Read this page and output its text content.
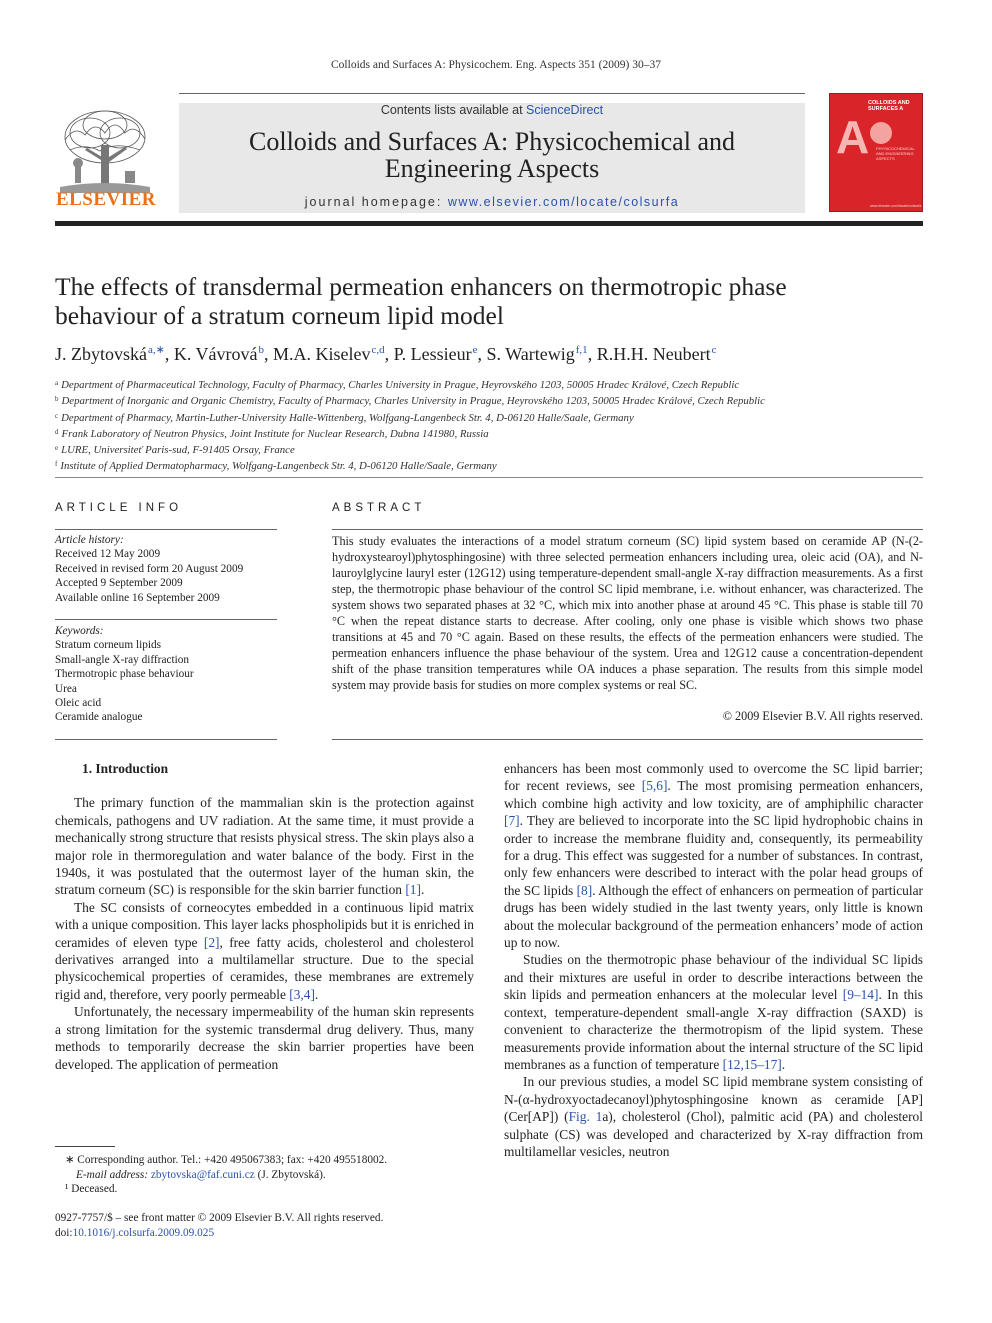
Colloids and Surfaces A: Physicochem. Eng. Aspects 351 (2009) 30–37
ELSEVIER
Contents lists available at ScienceDirect
Colloids and Surfaces A: Physicochemical and
Engineering Aspects
journal homepage: www.elsevier.com/locate/colsurfa
A
COLLOIDS AND SURFACES A
PHYSICOCHEMICAL AND ENGINEERING ASPECTS
www.elsevier.com/locate/colsurfa
The effects of transdermal permeation enhancers on thermotropic phase
behaviour of a stratum corneum lipid model
J. Zbytovská$^{a,∗}$, K. Vávrová$^b$, M.A. Kiselev$^{c,d}$, P. Lessieur$^e$, S. Wartewig$^{f,1}$, R.H.H. Neubert$^c$
$^a$ Department of Pharmaceutical Technology, Faculty of Pharmacy, Charles University in Prague, Heyrovského 1203, 50005 Hradec Králové, Czech Republic
$^b$ Department of Inorganic and Organic Chemistry, Faculty of Pharmacy, Charles University in Prague, Heyrovského 1203, 50005 Hradec Králové, Czech Republic
$^c$ Department of Pharmacy, Martin-Luther-University Halle-Wittenberg, Wolfgang-Langenbeck Str. 4, D-06120 Halle/Saale, Germany
$^d$ Frank Laboratory of Neutron Physics, Joint Institute for Nuclear Research, Dubna 141980, Russia
$^e$ LURE, Universiteť Paris-sud, F-91405 Orsay, France
$^f$ Institute of Applied Dermatopharmacy, Wolfgang-Langenbeck Str. 4, D-06120 Halle/Saale, Germany
ARTICLE INFO	ABSTRACT
Article history:
Received 12 May 2009
Received in revised form 20 August 2009
Accepted 9 September 2009
Available online 16 September 2009
Keywords:
Stratum corneum lipids
Small-angle X-ray diffraction
Thermotropic phase behaviour
Urea
Oleic acid
Ceramide analogue
This study evaluates the interactions of a model stratum corneum (SC) lipid system based on ceramide AP (N-(2-hydroxystearoyl)phytosphingosine) with three selected permeation enhancers including urea, oleic acid (OA), and N-lauroylglycine lauryl ester (12G12) using temperature-dependent small-angle X-ray diffraction measurements. As a first step, the thermotropic phase behaviour of the control SC lipid membrane, i.e. without enhancer, was characterized. The system shows two separated phases at 32 °C, which mix into another phase at around 45 °C. This phase is stable till 70 °C when the repeat distance starts to decrease. After cooling, only one phase is visible which shows two phase transitions at 45 and 70 °C again. Based on these results, the effects of the permeation enhancers were studied. The permeation enhancers influence the phase behaviour of the system. Urea and 12G12 cause a concentration-dependent shift of the phase transition temperatures while OA induces a phase separation. The results from this simple model system may provide basis for studies on more complex systems or real SC.
© 2009 Elsevier B.V. All rights reserved.
1. Introduction

The primary function of the mammalian skin is the protection against chemicals, pathogens and UV radiation. At the same time, it must provide a mechanically strong structure that resists physical stress. The skin plays also a major role in thermoregulation and water balance of the body. First in the 1940s, it was postulated that the outermost layer of the human skin, the stratum corneum (SC) is responsible for the skin barrier function [1].

The SC consists of corneocytes embedded in a continuous lipid matrix with a unique composition. This layer lacks phospholipids but it is enriched in ceramides of eleven type [2], free fatty acids, cholesterol and cholesterol derivatives arranged into a multilamellar structure. Due to the special physicochemical properties of ceramides, these membranes are extremely rigid and, therefore, very poorly permeable [3,4].

Unfortunately, the necessary impermeability of the human skin represents a strong limitation for the systemic transdermal drug delivery. Thus, many methods to temporarily decrease the skin barrier properties have been developed. The application of permeation

enhancers has been most commonly used to overcome the SC lipid barrier; for recent reviews, see [5,6]. The most promising permeation enhancers, which combine high activity and low toxicity, are of amphiphilic character [7]. They are believed to incorporate into the SC lipid hydrophobic chains in order to increase the membrane fluidity and, consequently, its permeability for a drug. This effect was suggested for a number of substances. In contrast, only few enhancers were described to interact with the polar head groups of the SC lipids [8]. Although the effect of enhancers on permeation of particular drugs has been widely studied in the last twenty years, only little is known about the molecular background of the permeation enhancers’ mode of action up to now.

Studies on the thermotropic phase behaviour of the individual SC lipids and their mixtures are useful in order to describe interactions between the skin lipids and permeation enhancers at the molecular level [9–14]. In this context, temperature-dependent small-angle X-ray diffraction (SAXD) is convenient to characterize the thermotropism of the lipid system. These measurements provide information about the internal structure of the SC lipid membranes as a function of temperature [12,15–17].

In our previous studies, a model SC lipid membrane system consisting of N-(α-hydroxyoctadecanoyl)phytosphingosine known as ceramide [AP] (Cer[AP]) (Fig. 1a), cholesterol (Chol), palmitic acid (PA) and cholesterol sulphate (CS) was developed and characterized by X-ray diffraction from multilamellar vesicles, neutron

∗ Corresponding author. Tel.: +420 495067383; fax: +420 495518002.
E-mail address: zbytovska@faf.cuni.cz (J. Zbytovská).
¹ Deceased.
0927-7757/$ – see front matter © 2009 Elsevier B.V. All rights reserved.
doi:10.1016/j.colsurfa.2009.09.025
